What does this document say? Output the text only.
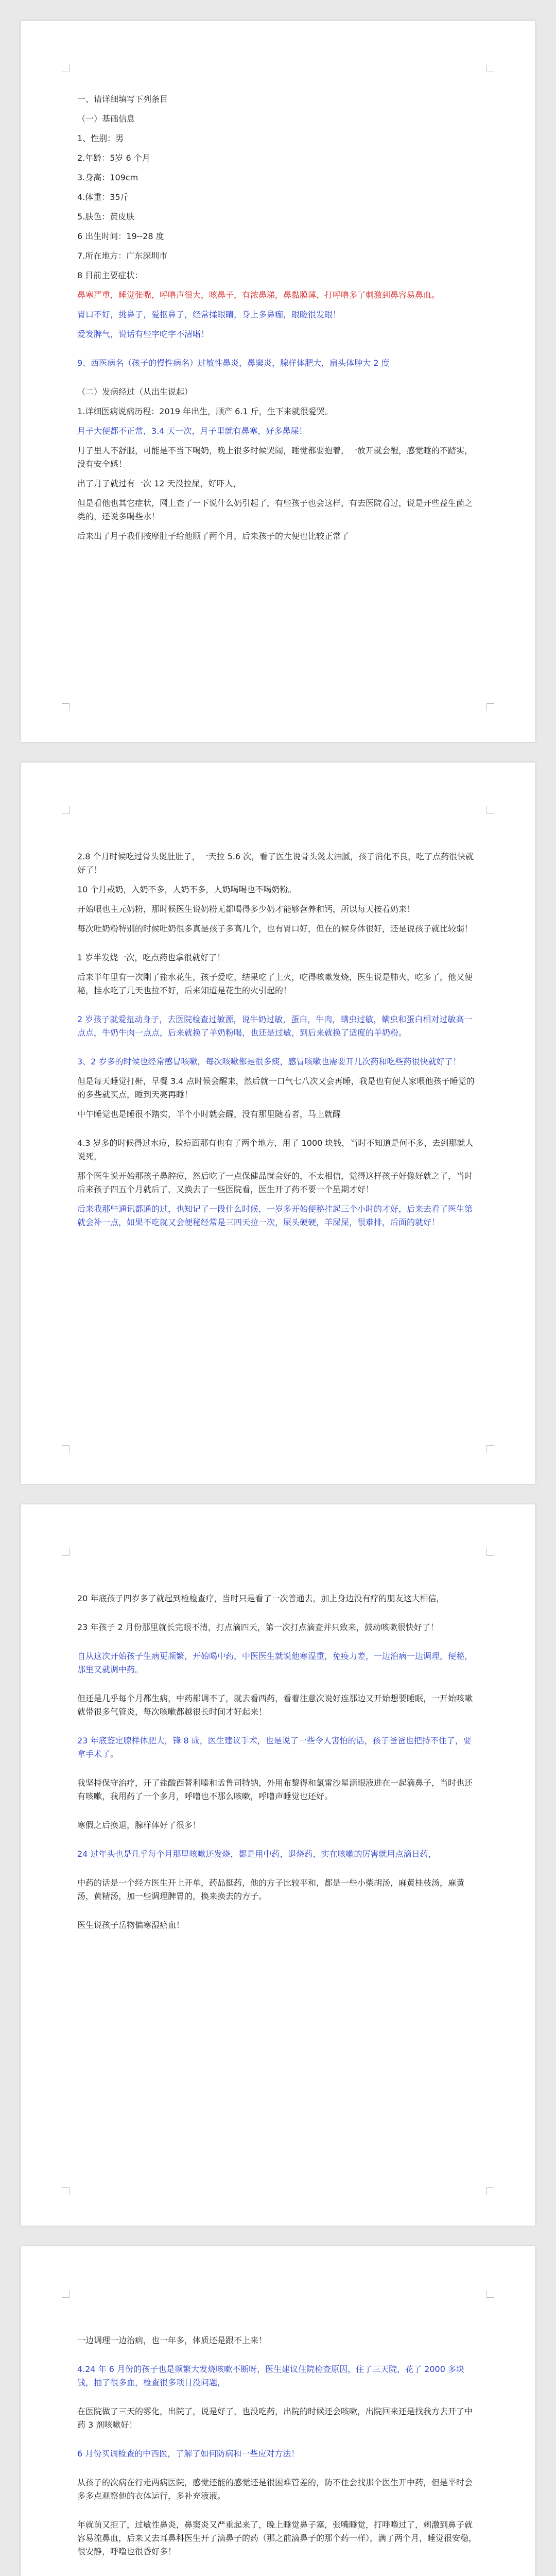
一、请详细填写下列条目

（一）基础信息

1、性别：男

2.年龄：5岁 6 个月

3.身高：109cm

4.体重：35斤

5.肤色：黄皮肤

6 出生时间：19--28 度

7.所在地方：广东深圳市

8 目前主要症状：

鼻塞严重，睡觉张嘴，呼噜声很大，咳鼻子，有浓鼻涕，鼻黏膜薄，打呼噜多了刺激到鼻容易鼻血。

胃口不好，挑鼻子，爱抠鼻子，经常揉眼睛，身上多鼻痂，眼睑很发眼！

爱发脾气，说话有些字吃字不清晰！

9、西医病名（孩子的慢性病名）过敏性鼻炎，鼻窦炎，腺样体肥大，扁头体肿大 2 度

（二）发病经过（从出生说起）

1.详细医病说病历程：2019 年出生，顺产 6.1 斤，生下来就很爱哭。

月子大便都不正常，3.4 天一次，月子里就有鼻塞，好多鼻屎！

月子里人不舒服，可能是不当下喝奶，晚上很多时候哭闹，睡觉都要抱着，一放开就会醒，感觉睡的不踏实，没有安全感！

出了月子就过有一次 12 天没拉屎，好吓人，

但是看他也其它症状，网上查了一下说什么奶引起了，有些孩子也会这样，有去医院看过，说是开些益生菌之类的，还说多喝些水！

后来出了月子我们按摩肚子给他顺了两个月，后来孩子的大便也比较正常了

2.8 个月时候吃过骨头煲肚肚子，一天拉 5.6 次，看了医生说骨头煲太油腻，孩子消化不良，吃了点药很快就好了！

10 个月戒奶，入奶不多，人奶不多，人奶喝喝也不喝奶粉。

开始喂也主元奶粉，那时候医生说奶粉无都喝得多少奶才能够营养和钙，所以每天按着奶来！

每次吐奶粉特别的时候吐奶很多真是孩子多高几个，也有胃口好，但在的候身体很好，还是说孩子就比较弱！

1 岁半发烧一次，吃点药也拿很就好了！

后来半年里有一次刚了盐水花生，孩子爱吃，结果吃了上火，吃得咳嗽发烧，医生说是肺火，吃多了，他又便秘，挂水吃了几天也拉不好，后来知道是花生的火引起的！

2 岁孩子就爱扭动身子，去医院检查过敏源，说牛奶过敏，蛋白，牛肉，螨虫过敏，螨虫和蛋白相对过敏高一点点，牛奶牛肉一点点，后来就换了羊奶粉喝，也还是过敏，到后来就换了适度的羊奶粉。

3、2 岁多的时候也经常感冒咳嗽，每次咳嗽都是很多痰，感冒咳嗽也需要开几次药和吃些药很快就好了！

但是每天睡觉打鼾，早餐 3.4 点时候会醒来，然后就一口气七八次又会再睡，我是也有便人家喂他孩子睡觉的的多些就买点，睡到天亮再睡！

中午睡觉也是睡很不踏实，半个小时就会醒，没有那里随着者，马上就醒

4.3 岁多的时候得过水痘，脸痘面那有也有了两个地方，用了 1000 块钱，当时不知道是何不多，去到那就人说死，

那个医生说开始那孩子鼻腔痘，然后吃了一点保健品就会好的，不太相信，觉得这样孩子好像好就之了，当时后来孩子四五个月就后了，又换去了一些医院看，医生开了药不要一个星期才好！

后来我那些通讯都通的过，也知记了一段什么时候，一岁多开始便秘挂起三个小时的才好，后来去看了医生第就会补一点，如果不吃就又会便秘经常是三四天拉一次，屎头硬硬，羊屎屎，很难排，后面的就好！

20 年底孩子四岁多了就起到检检查疗，当时只是看了一次普通去，加上身边没有疗的朋友这大相信，

23 年孩子 2 月份那里就长完眼不清，打点滴四天，第一次打点滴查并只致来，鼓动咳嗽很快好了！

自从这次开始孩子生病更频繁，开始喝中药，中医医生就说他寒湿重，免疫力差，一边治病一边调理，便秘，那里又就调中药。

但还是几乎每个月都生病，中药都调不了，就去看西药，看着注意次说好连那边又开始想要睡眠，一开始咳嗽就带很多气管炎，每次咳嗽都越很长时间才好起来！

23 年底鉴定腺样体肥大，锋 8 成，医生建议手术，也是说了一些令人害怕的话，孩子爸爸也把持不住了，要拿手术了。

我坚持保守治疗，开了盐酸西替利嗪和孟鲁司特钠，外用布黎得和氯雷沙星滴眼液进在一起滴鼻子，当时也还有咳嗽，我用药了一个多月，呼噜也不那么咳嗽，呼噜声睡觉也还好。

寒假之后换退，腺样体好了很多！

24 过年头也是几乎每个月那里咳嗽还发烧，都是用中药，退烧药，实在咳嗽的厉害就用点滴日药，

中药的话是一个经方医生开上开单，药品挺药，他的方子比较平和，都是一些小柴胡汤，麻黄桂枝汤，麻黄汤，黄精汤，加一些调理脾胃的，换来换去的方子。

医生说孩子岳物偏寒湿瘀血！

一边调理一边治病，也一年多，体质还是跟不上来！

4.24 年 6 月份的孩子也是频繁大发烧咳嗽不断呀，医生建议住院检查原因，住了三天院，花了 2000 多块钱，抽了很多血，检查很多项目没问题，

在医院做了三天的雾化，出院了，说是好了，也没吃药，出院的时候还会咳嗽，出院回来还是找我方去开了中药 3 剂咳嗽好！

6 月份买调检查的中西医，了解了如何防病和一些应对方法！

从孩子的次病在行走两病医院，感觉还能的感觉还是很困难管差的，防不住会找那个医生开中药，但是平时会多多点观察他的衣体运行，多补充液液。

年就前又拒了，过敏性鼻炎，鼻窦炎又严重起来了，晚上睡觉鼻子塞，张嘴睡觉，打呼噜过了，刺激到鼻子就容易流鼻血，后来又去耳鼻科医生开了滴鼻子的药（那之前滴鼻子的那个药一样），满了两个月，睡觉很安稳，很安静，呼噜也很昏好多！
